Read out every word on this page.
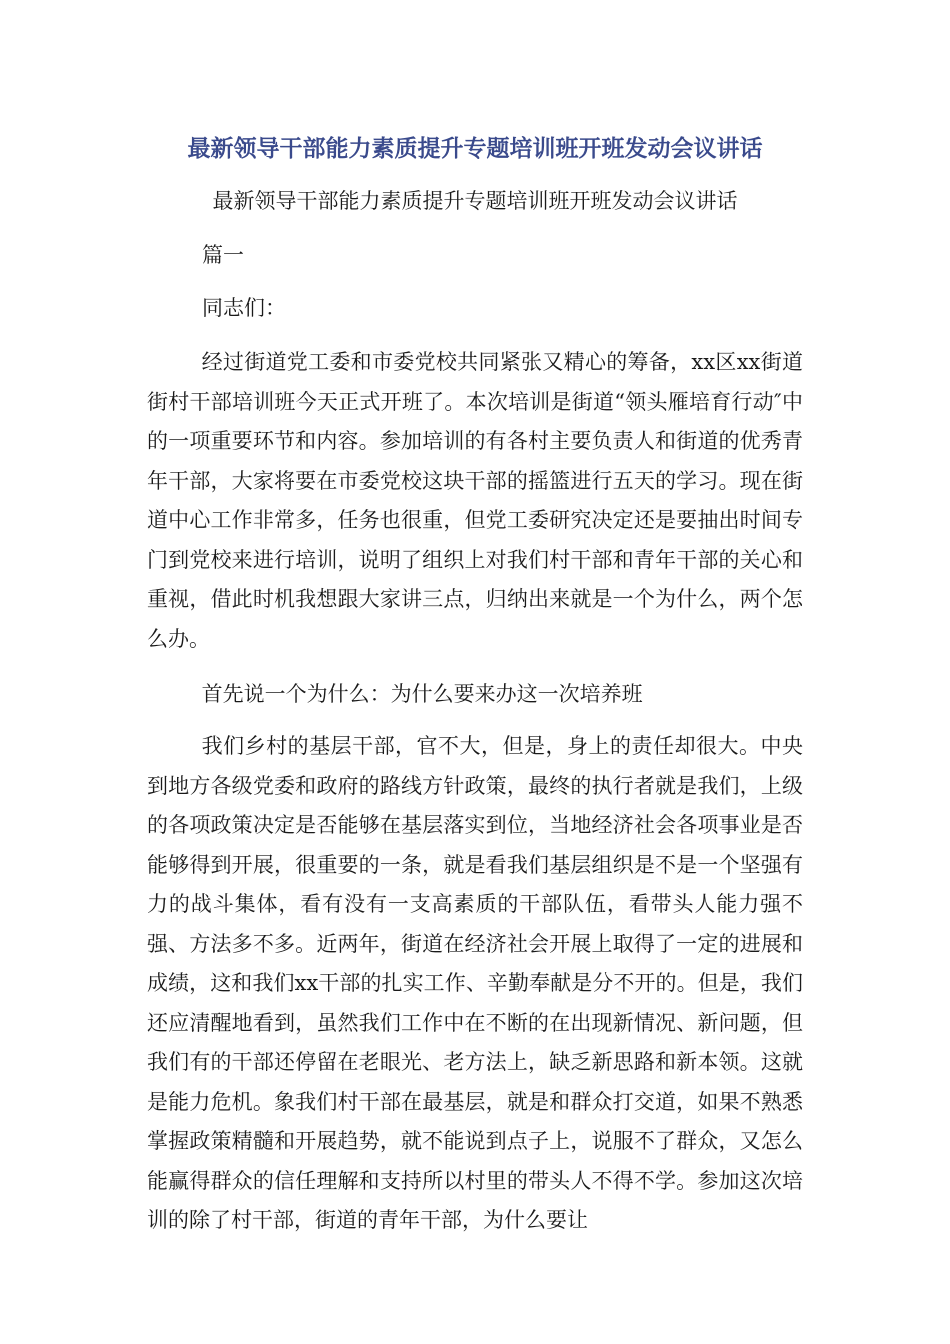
最新领导干部能力素质提升专题培训班开班发动会议讲话
最新领导干部能力素质提升专题培训班开班发动会议讲话
篇一
同志们：

经过街道党工委和市委党校共同紧张又精心的筹备，xx区xx街道街村干部培训班今天正式开班了。本次培训是街道“领头雁培育行动″中的一项重要环节和内容。参加培训的有各村主要负责人和街道的优秀青年干部，大家将要在市委党校这块干部的摇篮进行五天的学习。现在街道中心工作非常多，任务也很重，但党工委研究决定还是要抽出时间专门到党校来进行培训，说明了组织上对我们村干部和青年干部的关心和重视，借此时机我想跟大家讲三点，归纳出来就是一个为什么，两个怎么办。

首先说一个为什么：为什么要来办这一次培养班

我们乡村的基层干部，官不大，但是，身上的责任却很大。中央到地方各级党委和政府的路线方针政策，最终的执行者就是我们，上级的各项政策决定是否能够在基层落实到位，当地经济社会各项事业是否能够得到开展，很重要的一条，就是看我们基层组织是不是一个坚强有力的战斗集体，看有没有一支高素质的干部队伍，看带头人能力强不强、方法多不多。近两年，街道在经济社会开展上取得了一定的进展和成绩，这和我们xx干部的扎实工作、辛勤奉献是分不开的。但是，我们还应清醒地看到，虽然我们工作中在不断的在出现新情况、新问题，但我们有的干部还停留在老眼光、老方法上，缺乏新思路和新本领。这就是能力危机。象我们村干部在最基层，就是和群众打交道，如果不熟悉掌握政策精髓和开展趋势，就不能说到点子上，说服不了群众，又怎么能赢得群众的信任理解和支持所以村里的带头人不得不学。参加这次培训的除了村干部，街道的青年干部，为什么要让
